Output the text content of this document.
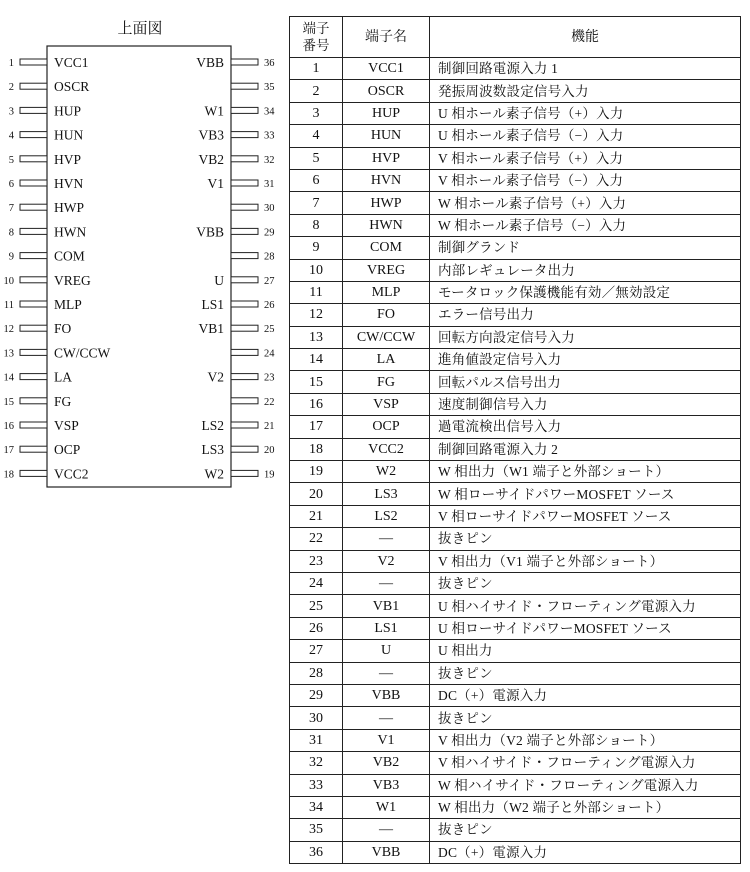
上面図
1	VCC1
2	OSCR
3	HUP
4	HUN
5	HVP
6	HVN
7	HWP
8	HWN
9	COM
10	VREG
11	MLP
12	FO
13	CW/CCW
14	LA
15	FG
16	VSP
17	OCP
18	VCC2
36
VBB
35
34
W1
33
VB3
32
VB2
31
V1
30
29
VBB
28
27
U
26
LS1
25
VB1
24
23
V2
22
21
LS2
20
LS3
19
W2
端子
番号	端子名	機能
1	VCC1	制御回路電源入力 1
2	OSCR	発振周波数設定信号入力
3	HUP	U 相ホール素子信号（+）入力
4	HUN	U 相ホール素子信号（−）入力
5	HVP	V 相ホール素子信号（+）入力
6	HVN	V 相ホール素子信号（−）入力
7	HWP	W 相ホール素子信号（+）入力
8	HWN	W 相ホール素子信号（−）入力
9	COM	制御グランド
10	VREG	内部レギュレータ出力
11	MLP	モータロック保護機能有効／無効設定
12	FO	エラー信号出力
13	CW/CCW	回転方向設定信号入力
14	LA	進角値設定信号入力
15	FG	回転パルス信号出力
16	VSP	速度制御信号入力
17	OCP	過電流検出信号入力
18	VCC2	制御回路電源入力 2
19	W2	W 相出力（W1 端子と外部ショート）
20	LS3	W 相ローサイドパワーMOSFET ソース
21	LS2	V 相ローサイドパワーMOSFET ソース
22	—	抜きピン
23	V2	V 相出力（V1 端子と外部ショート）
24	—	抜きピン
25	VB1	U 相ハイサイド・フローティング電源入力
26	LS1	U 相ローサイドパワーMOSFET ソース
27	U	U 相出力
28	—	抜きピン
29	VBB	DC（+）電源入力
30	—	抜きピン
31	V1	V 相出力（V2 端子と外部ショート）
32	VB2	V 相ハイサイド・フローティング電源入力
33	VB3	W 相ハイサイド・フローティング電源入力
34	W1	W 相出力（W2 端子と外部ショート）
35	—	抜きピン
36	VBB	DC（+）電源入力
